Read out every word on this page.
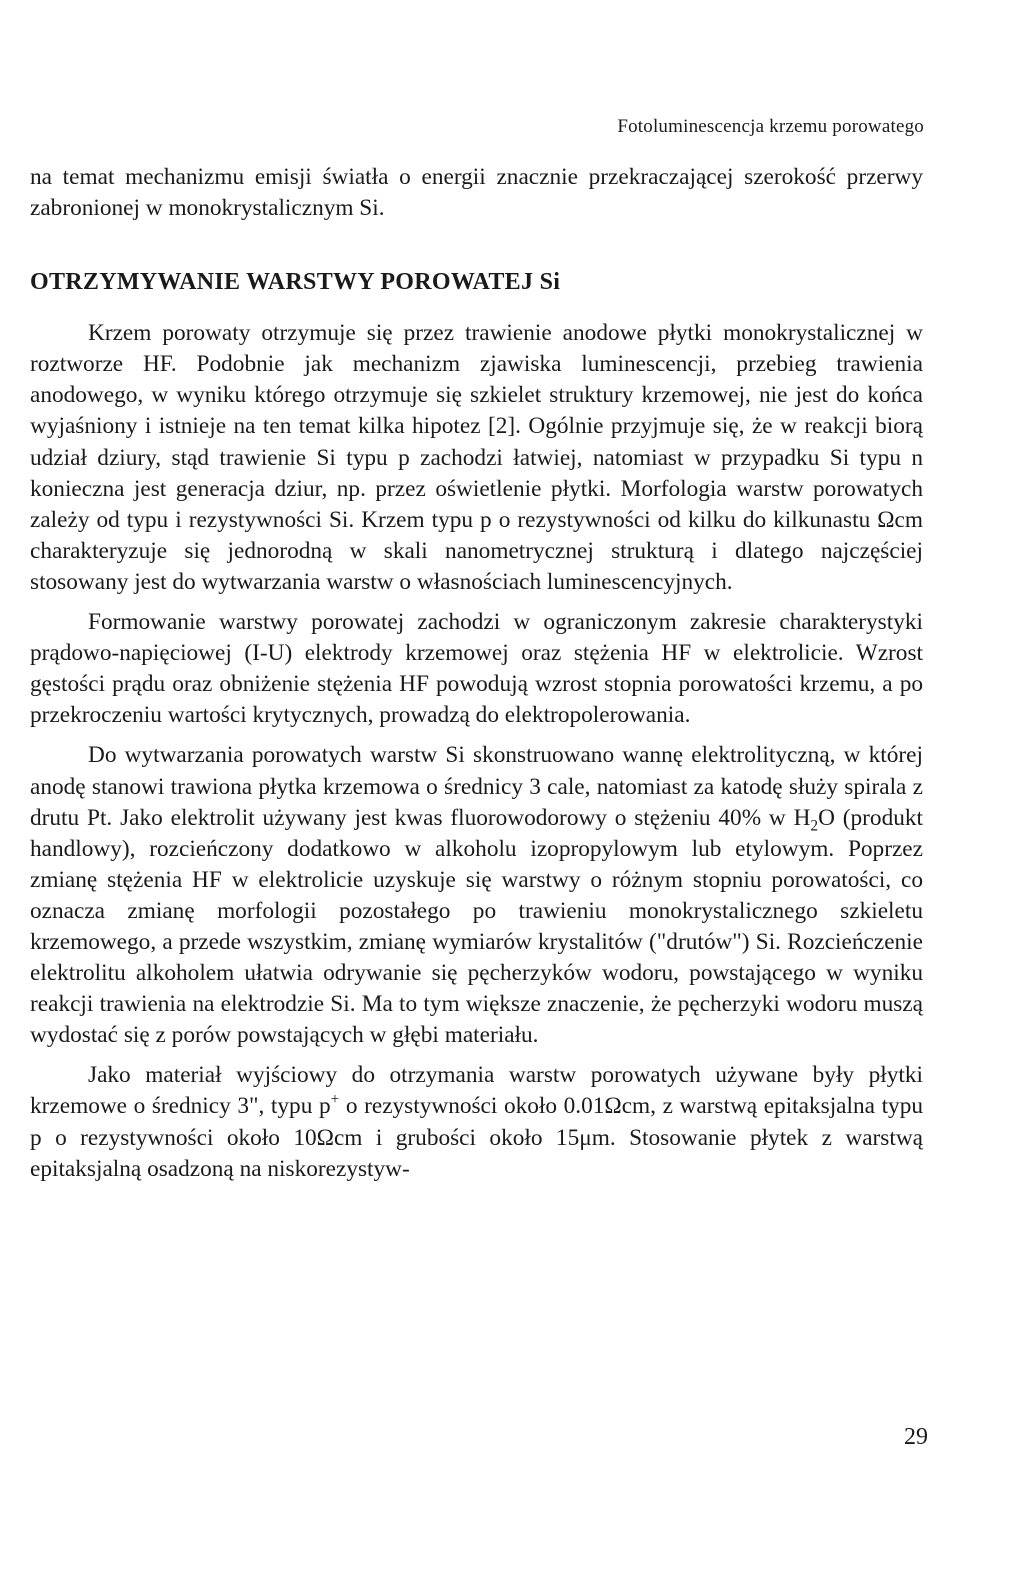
Fotoluminescencja krzemu porowatego

na temat mechanizmu emisji światła o energii znacznie przekraczającej szerokość przerwy zabronionej w monokrystalicznym Si.

OTRZYMYWANIE WARSTWY POROWATEJ Si

Krzem porowaty otrzymuje się przez trawienie anodowe płytki monokrystalicznej w roztworze HF. Podobnie jak mechanizm zjawiska luminescencji, przebieg trawienia anodowego, w wyniku którego otrzymuje się szkielet struktury krzemowej, nie jest do końca wyjaśniony i istnieje na ten temat kilka hipotez [2]. Ogólnie przyjmuje się, że w reakcji biorą udział dziury, stąd trawienie Si typu p zachodzi łatwiej, natomiast w przypadku Si typu n konieczna jest generacja dziur, np. przez oświetlenie płytki. Morfologia warstw porowatych zależy od typu i rezystywności Si. Krzem typu p o rezystywności od kilku do kilkunastu Ωcm charakteryzuje się jednorodną w skali nanometrycznej strukturą i dlatego najczęściej stosowany jest do wytwarzania warstw o własnościach luminescencyjnych.

Formowanie warstwy porowatej zachodzi w ograniczonym zakresie charakterystyki prądowo-napięciowej (I-U) elektrody krzemowej oraz stężenia HF w elektrolicie. Wzrost gęstości prądu oraz obniżenie stężenia HF powodują wzrost stopnia porowatości krzemu, a po przekroczeniu wartości krytycznych, prowadzą do elektropolerowania.

Do wytwarzania porowatych warstw Si skonstruowano wannę elektrolityczną, w której anodę stanowi trawiona płytka krzemowa o średnicy 3 cale, natomiast za katodę służy spirala z drutu Pt. Jako elektrolit używany jest kwas fluorowodorowy o stężeniu 40% w $H_2O$ (produkt handlowy), rozcieńczony dodatkowo w alkoholu izopropylowym lub etylowym. Poprzez zmianę stężenia HF w elektrolicie uzyskuje się warstwy o różnym stopniu porowatości, co oznacza zmianę morfologii pozostałego po trawieniu monokrystalicznego szkieletu krzemowego, a przede wszystkim, zmianę wymiarów krystalitów ("drutów") Si. Rozcieńczenie elektrolitu alkoholem ułatwia odrywanie się pęcherzyków wodoru, powstającego w wyniku reakcji trawienia na elektrodzie Si. Ma to tym większe znaczenie, że pęcherzyki wodoru muszą wydostać się z porów powstających w głębi materiału.

Jako materiał wyjściowy do otrzymania warstw porowatych używane były płytki krzemowe o średnicy 3", typu p+ o rezystywności około 0.01Ωcm, z warstwą epitaksjalna typu p o rezystywności około 10Ωcm i grubości około 15μm. Stosowanie płytek z warstwą epitaksjalną osadzoną na niskorezystyw-

29
